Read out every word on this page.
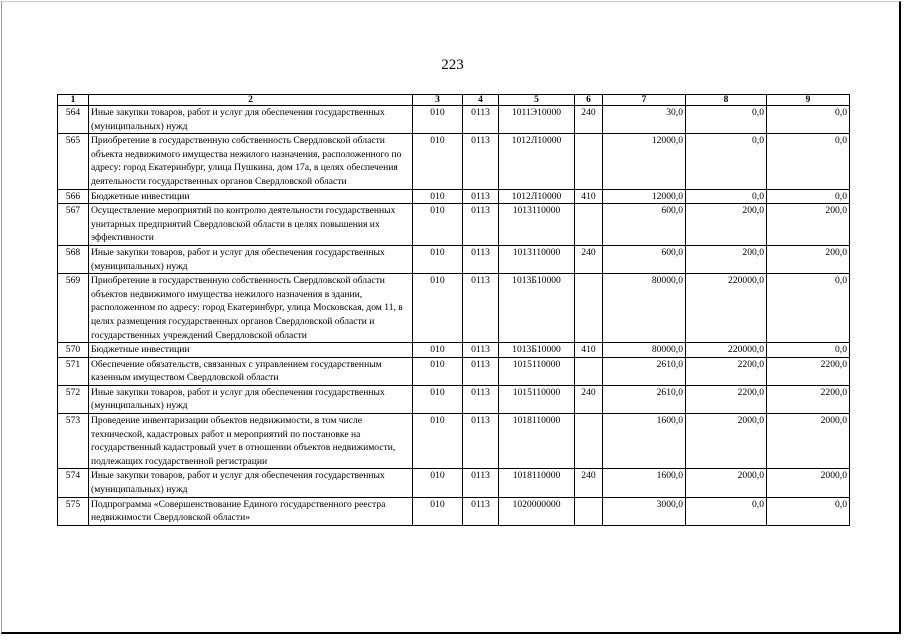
223
1	2	3	4	5	6	7	8	9
564	Иные закупки товаров, работ и услуг для обеспечения государственных (муниципальных) нужд	010	0113	1011Э10000	240	30,0	0,0	0,0
565	Приобретение в государственную собственность Свердловской области объекта недвижимого имущества нежилого назначения, расположенного по адресу: город Екатеринбург, улица Пушкина, дом 17а, в целях обеспечения деятельности государственных органов Свердловской области	010	0113	1012Л10000		12000,0	0,0	0,0
566	Бюджетные инвестиции	010	0113	1012Л10000	410	12000,0	0,0	0,0
567	Осуществление мероприятий по контролю деятельности государственных унитарных предприятий Свердловской области в целях повышения их эффективности	010	0113	1013110000		600,0	200,0	200,0
568	Иные закупки товаров, работ и услуг для обеспечения государственных (муниципальных) нужд	010	0113	1013110000	240	600,0	200,0	200,0
569	Приобретение в государственную собственность Свердловской области объектов недвижимого имущества нежилого назначения в здании, расположенном по адресу: город Екатеринбург, улица Московская, дом 11, в целях размещения государственных органов Свердловской области и государственных учреждений Свердловской области	010	0113	1013Б10000		80000,0	220000,0	0,0
570	Бюджетные инвестиции	010	0113	1013Б10000	410	80000,0	220000,0	0,0
571	Обеспечение обязательств, связанных с управлением государственным казенным имуществом Свердловской области	010	0113	1015110000		2610,0	2200,0	2200,0
572	Иные закупки товаров, работ и услуг для обеспечения государственных (муниципальных) нужд	010	0113	1015110000	240	2610,0	2200,0	2200,0
573	Проведение инвентаризации объектов недвижимости, в том числе технической, кадастровых работ и мероприятий по постановке на государственный кадастровый учет в отношении объектов недвижимости, подлежащих государственной регистрации	010	0113	1018110000		1600,0	2000,0	2000,0
574	Иные закупки товаров, работ и услуг для обеспечения государственных (муниципальных) нужд	010	0113	1018110000	240	1600,0	2000,0	2000,0
575	Подпрограмма «Совершенствование Единого государственного реестра недвижимости Свердловской области»	010	0113	1020000000		3000,0	0,0	0,0
